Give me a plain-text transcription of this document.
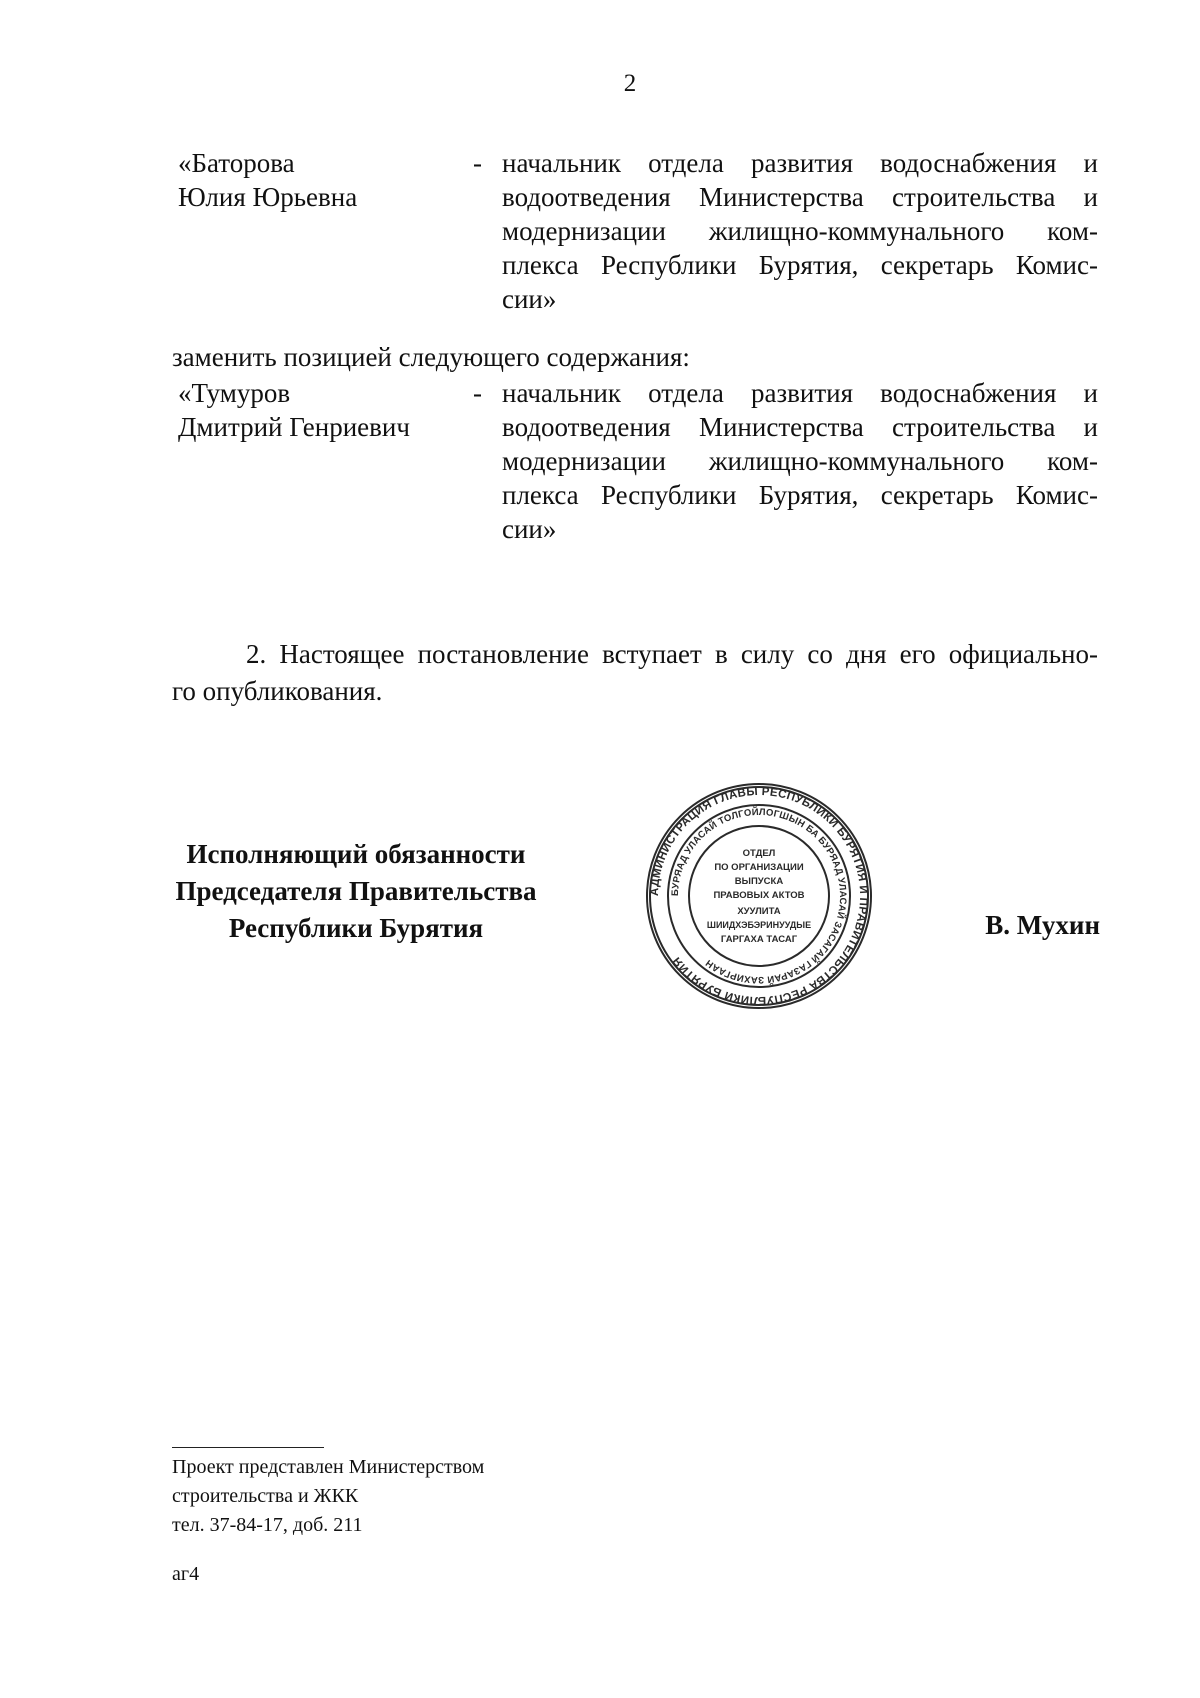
2
«Баторова
Юлия Юрьевна
- начальник отдела развития водоснабжения и
водоотведения Министерства строительства и
модернизации жилищно-коммунального ком-
плекса Республики Бурятия, секретарь Комис-
сии»
заменить позицией следующего содержания:
«Тумуров
Дмитрий Генриевич
- начальник отдела развития водоснабжения и
водоотведения Министерства строительства и
модернизации жилищно-коммунального ком-
плекса Республики Бурятия, секретарь Комис-
сии»
2. Настоящее постановление вступает в силу со дня его официально-
го опубликования.
Исполняющий обязанности
Председателя Правительства
Республики Бурятия
АДМИНИСТРАЦИЯ ГЛАВЫ РЕСПУБЛИКИ БУРЯТИЯ И ПРАВИТЕЛЬСТВА РЕСПУБЛИКИ БУРЯТИЯ
БУРЯАД УЛАСАЙ ТОЛГОЙЛОГШЫН БА БУРЯАД УЛАСАЙ ЗАСАГАЙ ГАЗАРАЙ ЗАХИРГААН
ОТДЕЛ
ПО ОРГАНИЗАЦИИ
ВЫПУСКА
ПРАВОВЫХ АКТОВ
ХУУЛИТА
ШИИДХЭБЭРИНУУДЫЕ
ГАРГАХА ТАСАГ	В. Мухин
Проект представлен Министерством
строительства и ЖКК
тел. 37-84-17, доб. 211
аг4
